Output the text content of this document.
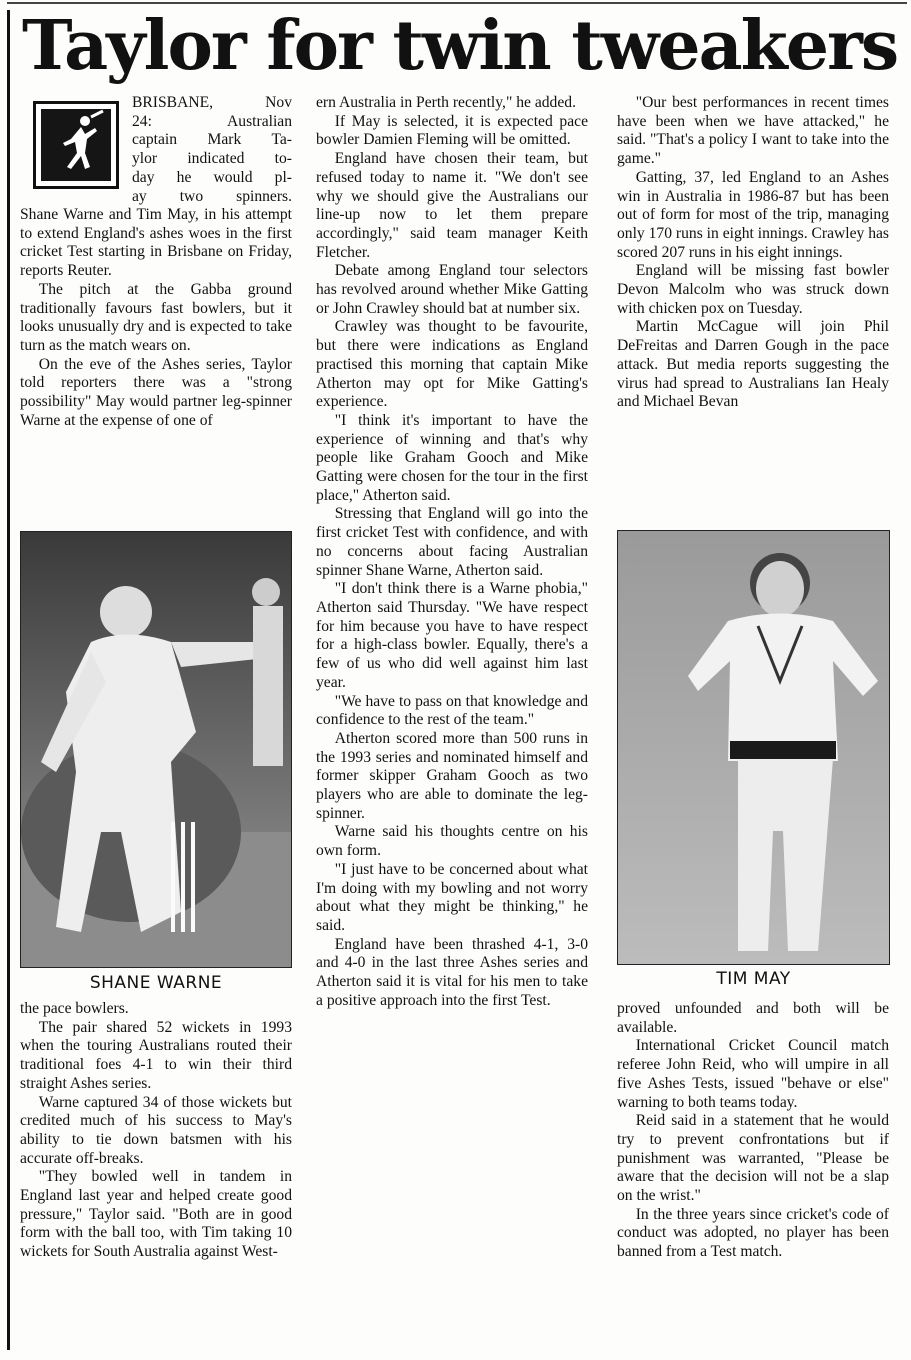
Taylor for twin tweakers
BRISBANE, Nov
24: Australian
captain Mark Ta-
ylor indicated to-
day he would pl-
ay two spinners.

Shane Warne and Tim May, in his attempt to extend England's ashes woes in the first cricket Test starting in Brisbane on Friday, reports Reuter.

The pitch at the Gabba ground traditionally favours fast bowlers, but it looks unusually dry and is expected to take turn as the match wears on.

On the eve of the Ashes series, Taylor told reporters there was a "strong possibility" May would partner leg-spinner Warne at the expense of one of

SHANE WARNE

the pace bowlers.

The pair shared 52 wickets in 1993 when the touring Australians routed their traditional foes 4-1 to win their third straight Ashes series.

Warne captured 34 of those wickets but credited much of his success to May's ability to tie down batsmen with his accurate off-breaks.

"They bowled well in tandem in England last year and helped create good pressure," Taylor said. "Both are in good form with the ball too, with Tim taking 10 wickets for South Australia against West-

ern Australia in Perth recently," he added.

If May is selected, it is expected pace bowler Damien Fleming will be omitted.

England have chosen their team, but refused today to name it. "We don't see why we should give the Australians our line-up now to let them prepare accordingly," said team manager Keith Fletcher.

Debate among England tour selectors has revolved around whether Mike Gatting or John Crawley should bat at number six.

Crawley was thought to be favourite, but there were indications as England practised this morning that captain Mike Atherton may opt for Mike Gatting's experience.

"I think it's important to have the experience of winning and that's why people like Graham Gooch and Mike Gatting were chosen for the tour in the first place," Atherton said.

Stressing that England will go into the first cricket Test with confidence, and with no concerns about facing Australian spinner Shane Warne, Atherton said.

"I don't think there is a Warne phobia," Atherton said Thursday. "We have respect for him because you have to have respect for a high-class bowler. Equally, there's a few of us who did well against him last year.

"We have to pass on that knowledge and confidence to the rest of the team."

Atherton scored more than 500 runs in the 1993 series and nominated himself and former skipper Graham Gooch as two players who are able to dominate the leg-spinner.

Warne said his thoughts centre on his own form.

"I just have to be concerned about what I'm doing with my bowling and not worry about what they might be thinking," he said.

England have been thrashed 4-1, 3-0 and 4-0 in the last three Ashes series and Atherton said it is vital for his men to take a positive approach into the first Test.

"Our best performances in recent times have been when we have attacked," he said. "That's a policy I want to take into the game."

Gatting, 37, led England to an Ashes win in Australia in 1986-87 but has been out of form for most of the trip, managing only 170 runs in eight innings. Crawley has scored 207 runs in his eight innings.

England will be missing fast bowler Devon Malcolm who was struck down with chicken pox on Tuesday.

Martin McCague will join Phil DeFreitas and Darren Gough in the pace attack. But media reports suggesting the virus had spread to Australians Ian Healy and Michael Bevan

TIM MAY

proved unfounded and both will be available.

International Cricket Council match referee John Reid, who will umpire in all five Ashes Tests, issued "behave or else" warning to both teams today.

Reid said in a statement that he would try to prevent confrontations but if punishment was warranted, "Please be aware that the decision will not be a slap on the wrist."

In the three years since cricket's code of conduct was adopted, no player has been banned from a Test match.
